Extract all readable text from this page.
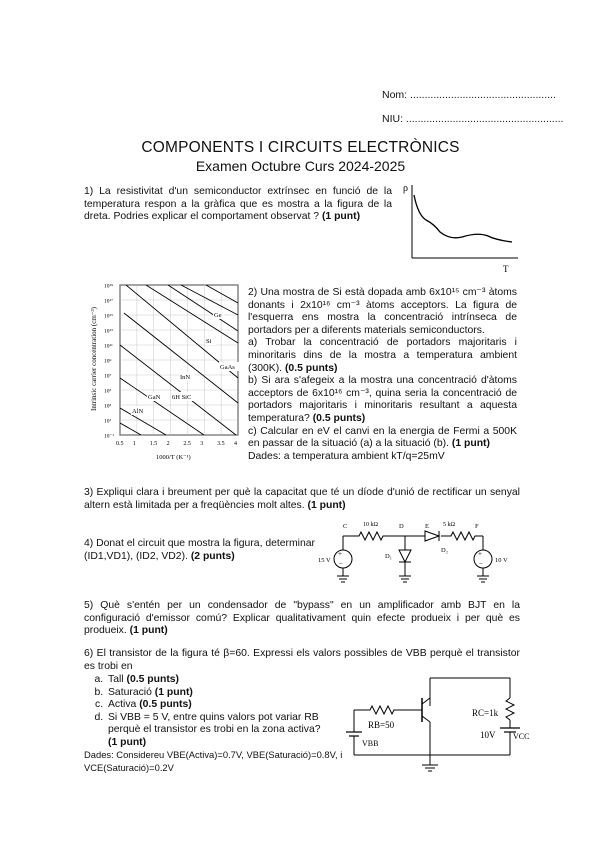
Nom: ..................................................
NIU: ......................................................
COMPONENTS I CIRCUITS ELECTRÒNICS
Examen Octubre Curs 2024-2025
1) La resistivitat d'un semiconductor extrínsec en funció de la temperatura respon a la gràfica que es mostra a la figura de la dreta. Podries explicar el comportament observat ? (1 punt)
ρ
T
10¹⁹
10¹⁷
10¹⁵
10¹³
10¹¹
10⁹
10⁷
10⁵
10³
10¹
10⁻¹
0.5 1 1.5 2 2.5 3 3.5 4
Ge
Si
GaAs
InN
GaN 6H SiC
AlN
Intrinsic carrier concentration (cm⁻³)
1000/T (K⁻¹)
2) Una mostra de Si està dopada amb 6x10¹⁵ cm⁻³ àtoms donants i 2x10¹⁶ cm⁻³ àtoms acceptors. La figura de l'esquerra ens mostra la concentració intrínseca de portadors per a diferents materials semiconductors.
a) Trobar la concentració de portadors majoritaris i minoritaris dins de la mostra a temperatura ambient (300K). (0.5 punts)
b) Si ara s'afegeix a la mostra una concentració d'àtoms acceptors de 6x10¹⁶ cm⁻³, quina seria la concentració de portadors majoritaris i minoritaris resultant a aquesta temperatura? (0.5 punts)
c) Calcular en eV el canvi en la energia de Fermi a 500K en passar de la situació (a) a la situació (b). (1 punt)
Dades: a temperatura ambient kT/q=25mV
3) Expliqui clara i breument per què la capacitat que té un díode d'unió de rectificar un senyal altern està limitada per a freqüències molt altes. (1 punt)
4) Donat el circuit que mostra la figura, determinar (ID1,VD1), (ID2, VD2). (2 punts)
C	10 kΩ	D	E 5 kΩ	F
+
−
15 V
D₁
D₂	+
− 10 V
5) Què s'entén per un condensador de "bypass" en un amplificador amb BJT en la configuració d'emissor comú? Explicar qualitativament quin efecte produeix i per què es produeix. (1 punt)
6) El transistor de la figura té β=60. Expressi els valors possibles de VBB perquè el transistor es trobi en
a. Tall (0.5 punts)
b. Saturació (1 punt)
c. Activa (0.5 punts)
d. Si VBB = 5 V, entre quins valors pot variar RB perquè el transistor es trobi en la zona activa? (1 punt)
Dades: Considereu VBE(Activa)=0.7V, VBE(Saturació)=0.8V, i VCE(Saturació)=0.2V
RC=1k
10V VCC
RB=50
VBB
